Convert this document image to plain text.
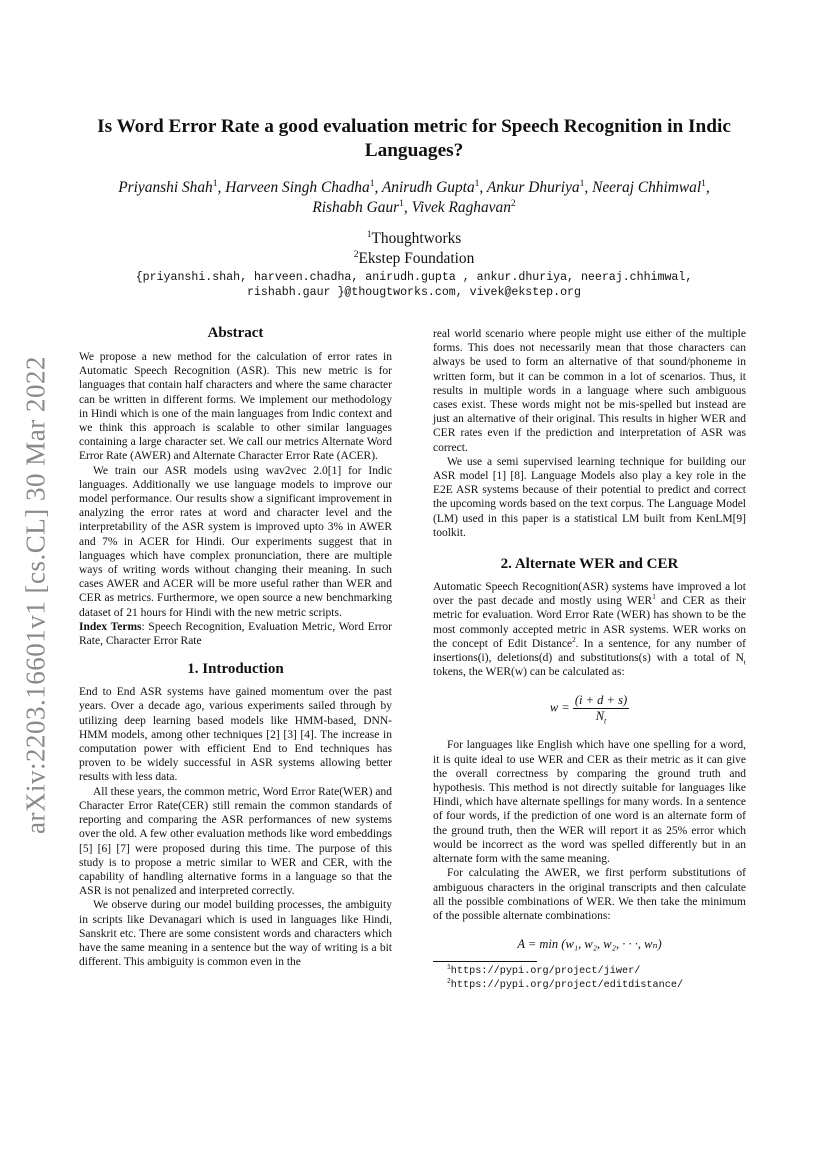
arXiv:2203.16601v1 [cs.CL] 30 Mar 2022
Is Word Error Rate a good evaluation metric for Speech Recognition in Indic Languages?
Priyanshi Shah$^1$, Harveen Singh Chadha$^1$, Anirudh Gupta$^1$, Ankur Dhuriya$^1$, Neeraj Chhimwal$^1$,
Rishabh Gaur$^1$, Vivek Raghavan$^2$
$^1$Thoughtworks
$^2$Ekstep Foundation
{priyanshi.shah, harveen.chadha, anirudh.gupta , ankur.dhuriya, neeraj.chhimwal,
rishabh.gaur }@thougtworks.com, vivek@ekstep.org
Abstract

We propose a new method for the calculation of error rates in Automatic Speech Recognition (ASR). This new metric is for languages that contain half characters and where the same character can be written in different forms. We implement our methodology in Hindi which is one of the main languages from Indic context and we think this approach is scalable to other similar languages containing a large character set. We call our metrics Alternate Word Error Rate (AWER) and Alternate Character Error Rate (ACER).

We train our ASR models using wav2vec 2.0[1] for Indic languages. Additionally we use language models to improve our model performance. Our results show a significant improvement in analyzing the error rates at word and character level and the interpretability of the ASR system is improved upto 3% in AWER and 7% in ACER for Hindi. Our experiments suggest that in languages which have complex pronunciation, there are multiple ways of writing words without changing their meaning. In such cases AWER and ACER will be more useful rather than WER and CER as metrics. Furthermore, we open source a new benchmarking dataset of 21 hours for Hindi with the new metric scripts.

Index Terms: Speech Recognition, Evaluation Metric, Word Error Rate, Character Error Rate

1. Introduction

End to End ASR systems have gained momentum over the past years. Over a decade ago, various experiments sailed through by utilizing deep learning based models like HMM-based, DNN-HMM models, among other techniques [2] [3] [4]. The increase in computation power with efficient End to End techniques has proven to be widely successful in ASR systems allowing better results with less data.

All these years, the common metric, Word Error Rate(WER) and Character Error Rate(CER) still remain the common standards of reporting and comparing the ASR performances of new systems over the old. A few other evaluation methods like word embeddings [5] [6] [7] were proposed during this time. The purpose of this study is to propose a metric similar to WER and CER, with the capability of handling alternative forms in a language so that the ASR is not penalized and interpreted correctly.

We observe during our model building processes, the ambiguity in scripts like Devanagari which is used in languages like Hindi, Sanskrit etc. There are some consistent words and characters which have the same meaning in a sentence but the way of writing is a bit different. This ambiguity is common even in the

real world scenario where people might use either of the multiple forms. This does not necessarily mean that those characters can always be used to form an alternative of that sound/phoneme in written form, but it can be common in a lot of scenarios. Thus, it results in multiple words in a language where such ambiguous cases exist. These words might not be mis-spelled but instead are just an alternative of their original. This results in higher WER and CER rates even if the prediction and interpretation of ASR was correct.

We use a semi supervised learning technique for building our ASR model [1] [8]. Language Models also play a key role in the E2E ASR systems because of their potential to predict and correct the upcoming words based on the text corpus. The Language Model (LM) used in this paper is a statistical LM built from KenLM[9] toolkit.

2. Alternate WER and CER

Automatic Speech Recognition(ASR) systems have improved a lot over the past decade and mostly using WER$^1$ and CER as their metric for evaluation. Word Error Rate (WER) has shown to be the most commonly accepted metric in ASR systems. WER works on the concept of Edit Distance$^2$. In a sentence, for any number of insertions(i), deletions(d) and substitutions(s) with a total of $N_t$ tokens, the WER(w) can be calculated as:

$w = \frac{(i + d + s)}{N_t}$

For languages like English which have one spelling for a word, it is quite ideal to use WER and CER as their metric as it can give the overall correctness by comparing the ground truth and hypothesis. This method is not directly suitable for languages like Hindi, which have alternate spellings for many words. In a sentence of four words, if the prediction of one word is an alternate form of the ground truth, then the WER will report it as 25% error which would be incorrect as the word was spelled differently but in an alternate form with the same meaning.

For calculating the AWER, we first perform substitutions of ambiguous characters in the original transcripts and then calculate all the possible combinations of WER. We then take the minimum of the possible alternate combinations:

A = min (w₁, w₂, w₂, · · ·, wₙ)
$^1$https://pypi.org/project/jiwer/
$^2$https://pypi.org/project/editdistance/
